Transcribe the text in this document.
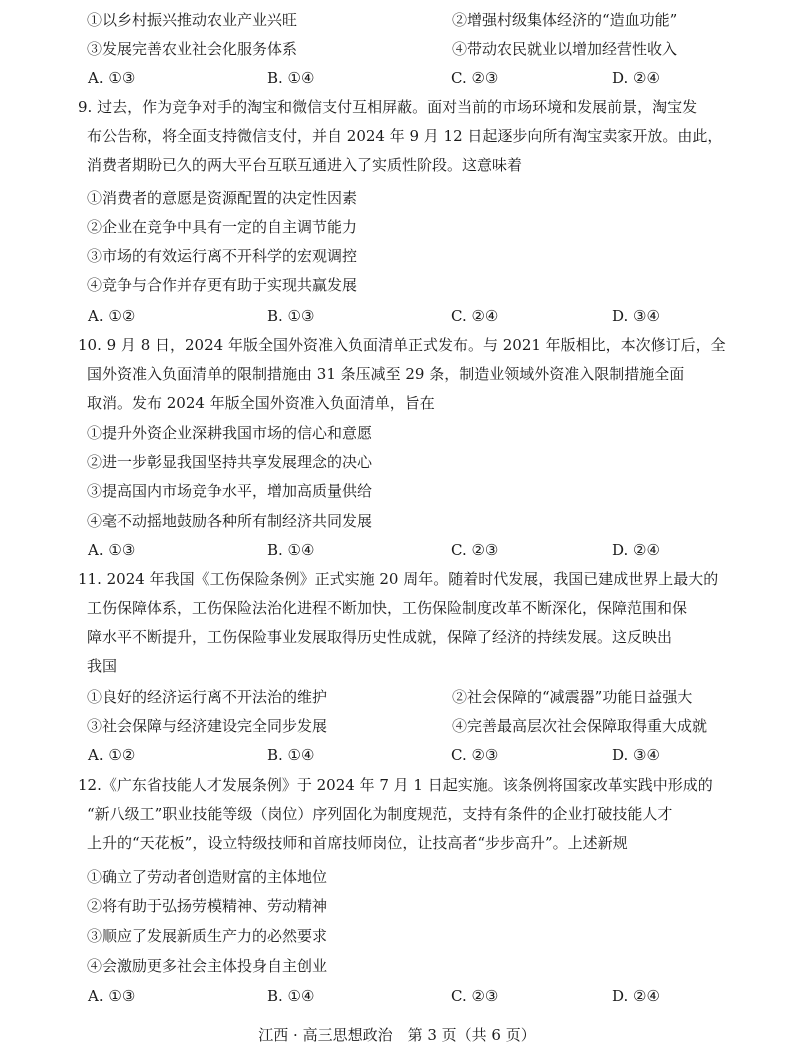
①以乡村振兴推动农业产业兴旺	②增强村级集体经济的“造血功能”
③发展完善农业社会化服务体系	④带动农民就业以增加经营性收入
A. ①③	B. ①④	C. ②③	D. ②④
9. 过去，作为竞争对手的淘宝和微信支付互相屏蔽。面对当前的市场环境和发展前景，淘宝发
布公告称，将全面支持微信支付，并自 2024 年 9 月 12 日起逐步向所有淘宝卖家开放。由此，
消费者期盼已久的两大平台互联互通进入了实质性阶段。这意味着
①消费者的意愿是资源配置的决定性因素
②企业在竞争中具有一定的自主调节能力
③市场的有效运行离不开科学的宏观调控
④竞争与合作并存更有助于实现共赢发展
A. ①②	B. ①③	C. ②④	D. ③④
10. 9 月 8 日，2024 年版全国外资准入负面清单正式发布。与 2021 年版相比，本次修订后，全
国外资准入负面清单的限制措施由 31 条压减至 29 条，制造业领域外资准入限制措施全面
取消。发布 2024 年版全国外资准入负面清单，旨在
①提升外资企业深耕我国市场的信心和意愿
②进一步彰显我国坚持共享发展理念的决心
③提高国内市场竞争水平，增加高质量供给
④毫不动摇地鼓励各种所有制经济共同发展
A. ①③	B. ①④	C. ②③	D. ②④
11. 2024 年我国《工伤保险条例》正式实施 20 周年。随着时代发展，我国已建成世界上最大的
工伤保障体系，工伤保险法治化进程不断加快，工伤保险制度改革不断深化，保障范围和保
障水平不断提升，工伤保险事业发展取得历史性成就，保障了经济的持续发展。这反映出
我国
①良好的经济运行离不开法治的维护	②社会保障的“减震器”功能日益强大
③社会保障与经济建设完全同步发展	④完善最高层次社会保障取得重大成就
A. ①②	B. ①④	C. ②③	D. ③④
12.《广东省技能人才发展条例》于 2024 年 7 月 1 日起实施。该条例将国家改革实践中形成的
“新八级工”职业技能等级（岗位）序列固化为制度规范，支持有条件的企业打破技能人才
上升的“天花板”，设立特级技师和首席技师岗位，让技高者“步步高升”。上述新规
①确立了劳动者创造财富的主体地位
②将有助于弘扬劳模精神、劳动精神
③顺应了发展新质生产力的必然要求
④会激励更多社会主体投身自主创业
A. ①③	B. ①④	C. ②③	D. ②④
江西 · 高三思想政治　第 3 页（共 6 页）
